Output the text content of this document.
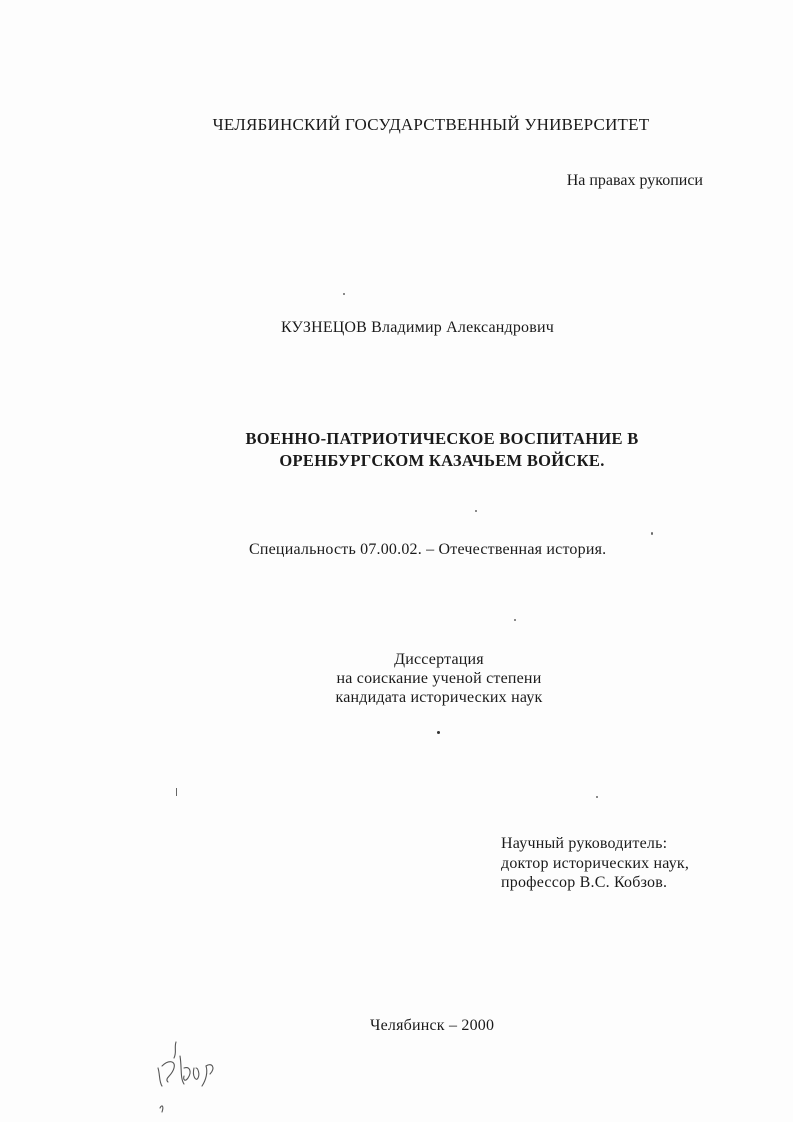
ЧЕЛЯБИНСКИЙ ГОСУДАРСТВЕННЫЙ УНИВЕРСИТЕТ
На правах рукописи
КУЗНЕЦОВ Владимир Александрович
ВОЕННО-ПАТРИОТИЧЕСКОЕ ВОСПИТАНИЕ В
ОРЕНБУРГСКОМ КАЗАЧЬЕМ ВОЙСКЕ.
Специальность 07.00.02. – Отечественная история.
Диссертация
на соискание ученой степени
кандидата исторических наук
Научный руководитель:
доктор исторических наук,
профессор В.С. Кобзов.
Челябинск – 2000
